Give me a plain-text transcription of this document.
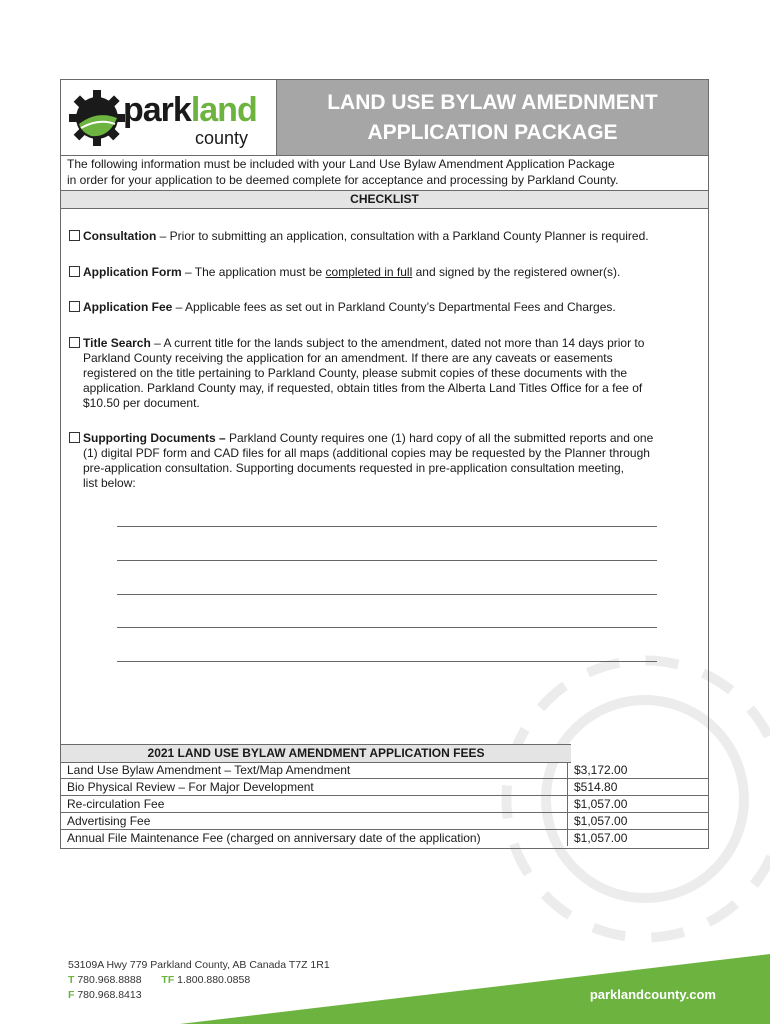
parkland
county
LAND USE BYLAW AMEDNMENT
APPLICATION PACKAGE
The following information must be included with your Land Use Bylaw Amendment Application Package
in order for your application to be deemed complete for acceptance and processing by Parkland County.
CHECKLIST
Consultation – Prior to submitting an application, consultation with a Parkland County Planner is required.
Application Form – The application must be completed in full and signed by the registered owner(s).
Application Fee – Applicable fees as set out in Parkland County’s Departmental Fees and Charges.
Title Search – A current title for the lands subject to the amendment, dated not more than 14 days prior to
Parkland County receiving the application for an amendment. If there are any caveats or easements
registered on the title pertaining to Parkland County, please submit copies of these documents with the
application. Parkland County may, if requested, obtain titles from the Alberta Land Titles Office for a fee of
$10.50 per document.
Supporting Documents – Parkland County requires one (1) hard copy of all the submitted reports and one
(1) digital PDF form and CAD files for all maps (additional copies may be requested by the Planner through
pre-application consultation. Supporting documents requested in pre-application consultation meeting,
list below:
2021 LAND USE BYLAW AMENDMENT APPLICATION FEES
Land Use Bylaw Amendment – Text/Map Amendment	$3,172.00
Bio Physical Review – For Major Development	$514.80
Re-circulation Fee	$1,057.00
Advertising Fee	$1,057.00
Annual File Maintenance Fee (charged on anniversary date of the application)	$1,057.00
53109A Hwy 779 Parkland County, AB Canada T7Z 1R1
T 780.968.8888 TF 1.800.880.0858
F 780.968.8413	parklandcounty.com
